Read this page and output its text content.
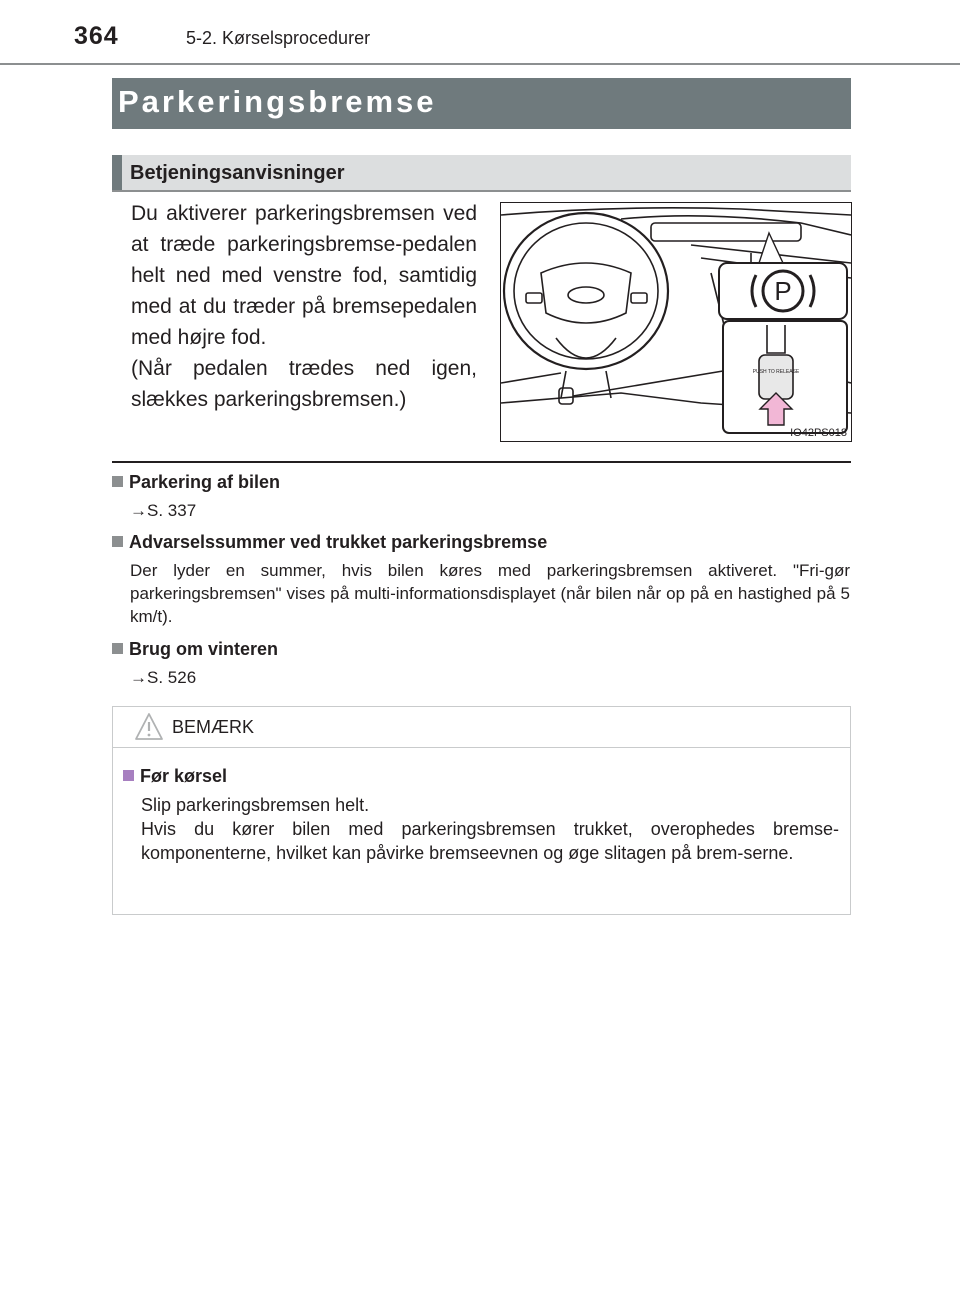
364	5-2. Kørselsprocedurer
Parkeringsbremse
Betjeningsanvisninger

Du aktiverer parkeringsbremsen ved at træde parkeringsbremse-pedalen helt ned med venstre fod, samtidig med at du træder på bremsepedalen med højre fod.

(Når pedalen trædes ned igen, slækkes parkeringsbremsen.)

P
PUSH TO RELEASE
IO42PS018
Parkering af bilen
→S. 337
Advarselssummer ved trukket parkeringsbremse
Der lyder en summer, hvis bilen køres med parkeringsbremsen aktiveret. "Fri-gør parkeringsbremsen" vises på multi-informationsdisplayet (når bilen når op på en hastighed på 5 km/t).
Brug om vinteren
→S. 526
BEMÆRK
Før kørsel
Slip parkeringsbremsen helt.
Hvis du kører bilen med parkeringsbremsen trukket, overophedes bremse-komponenterne, hvilket kan påvirke bremseevnen og øge slitagen på brem-serne.
